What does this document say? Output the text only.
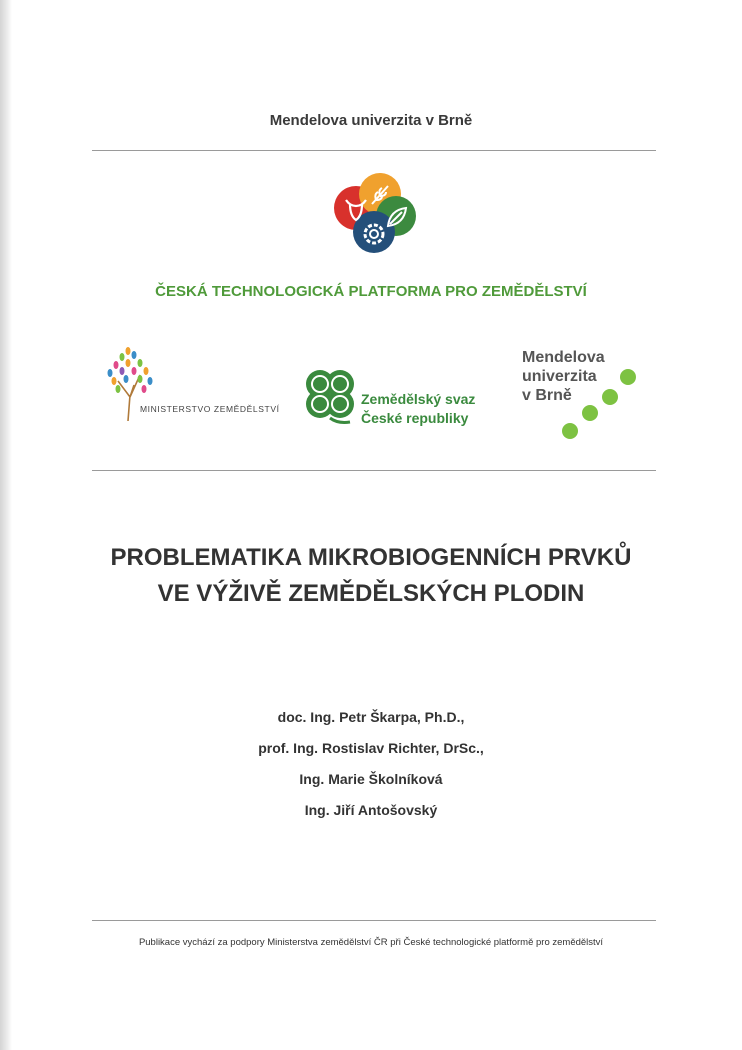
Mendelova univerzita v Brně
ČESKÁ TECHNOLOGICKÁ PLATFORMA PRO ZEMĚDĚLSTVÍ
MINISTERSTVO ZEMĚDĚLSTVÍ
Zemědělský svaz
České republiky
Mendelova
univerzita
v Brně
PROBLEMATIKA MIKROBIOGENNÍCH PRVKŮ
VE VÝŽIVĚ ZEMĚDĚLSKÝCH PLODIN
doc. Ing. Petr Škarpa, Ph.D.,
prof. Ing. Rostislav Richter, DrSc.,
Ing. Marie Školníková
Ing. Jiří Antošovský
Publikace vychází za podpory Ministerstva zemědělství ČR při České technologické platformě pro zemědělství
